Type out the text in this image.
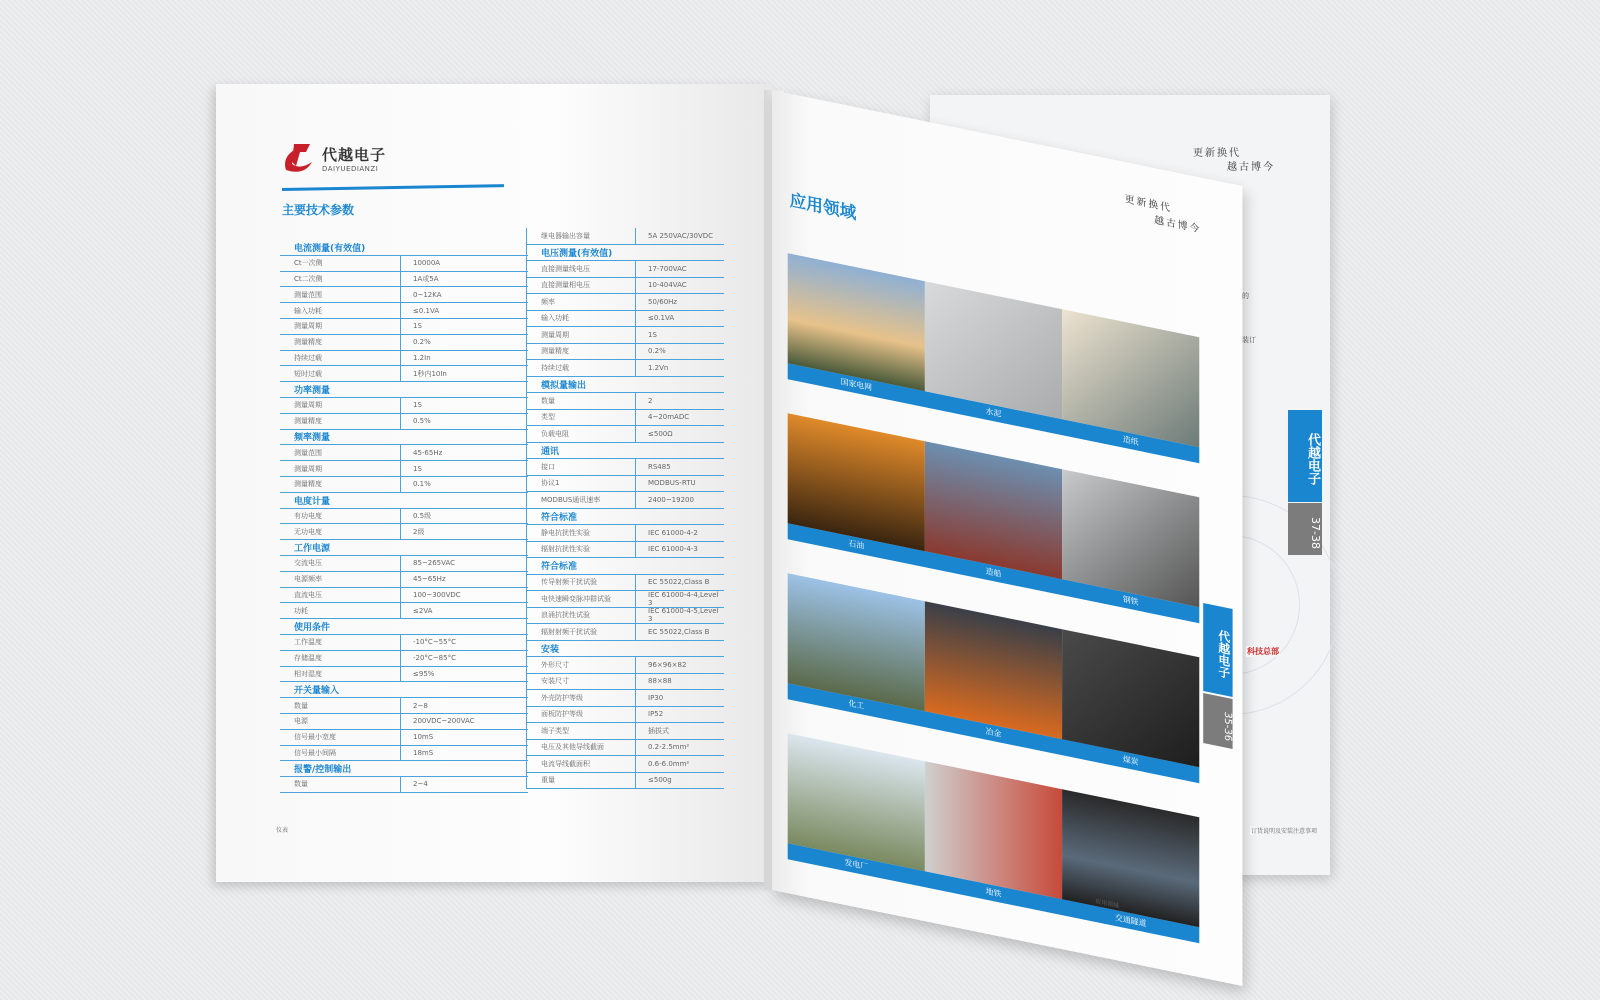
更新换代
越古博今
的
装订
代越电子
37-38
代越电子
DAIYUEDIANZI
主要技术参数
电流测量(有效值)
Ct一次侧	10000A
Ct二次侧	1A或5A
测量范围	0~12KA
输入功耗	≤0.1VA
测量周期	1S
测量精度	0.2%
持续过载	1.2In
短时过载	1秒内10In
功率测量
测量周期	1S
测量精度	0.5%
频率测量
测量范围	45-65Hz
测量周期	1S
测量精度	0.1%
电度计量
有功电度	0.5级
无功电度	2级
工作电源
交流电压	85~265VAC
电源频率	45~65Hz
直流电压	100~300VDC
功耗	≤2VA
使用条件
工作温度	-10°C~55°C
存储温度	-20°C~85°C
相对湿度	≤95%
开关量输入
数量	2~8
电源	200VDC~200VAC
信号最小宽度	10mS
信号最小间隔	18mS
报警/控制输出
数量	2~4
继电器输出容量	5A 250VAC/30VDC
电压测量(有效值)
直接测量线电压	17-700VAC
直接测量相电压	10-404VAC
频率	50/60Hz
输入功耗	≤0.1VA
测量周期	1S
测量精度	0.2%
持续过载	1.2Vn
模拟量输出
数量	2
类型	4~20mADC
负载电阻	≤500Ω
通讯
接口	RS485
协议1	MODBUS-RTU
MODBUS通讯速率	2400~19200
符合标准
静电抗扰性实验	IEC 61000-4-2
辐射抗扰性实验	IEC 61000-4-3
符合标准
传导射频干扰试验	EC 55022,Class B
电快速瞬变脉冲群试验	IEC 61000-4-4,Level 3
浪涌抗扰性试验	IEC 61000-4-5,Level 3
辐射射频干扰试验	EC 55022,Class B
安装
外形尺寸	96×96×82
安装尺寸	88×88
外壳防护等级	IP30
面板防护等级	IP52
端子类型	插拔式
电压及其他导线截面	0.2-2.5mm²
电流导线截面积	0.6-6.0mm²
重量	≤500g
仪表
应用领域	更新换代
越古博今
国家电网
水泥
造纸
石油
造船
钢铁
化工
冶金
煤炭
发电厂
地铁
交通隧道
代越电子
35-36
应用领域
科技总部
订货说明及安装注意事项
